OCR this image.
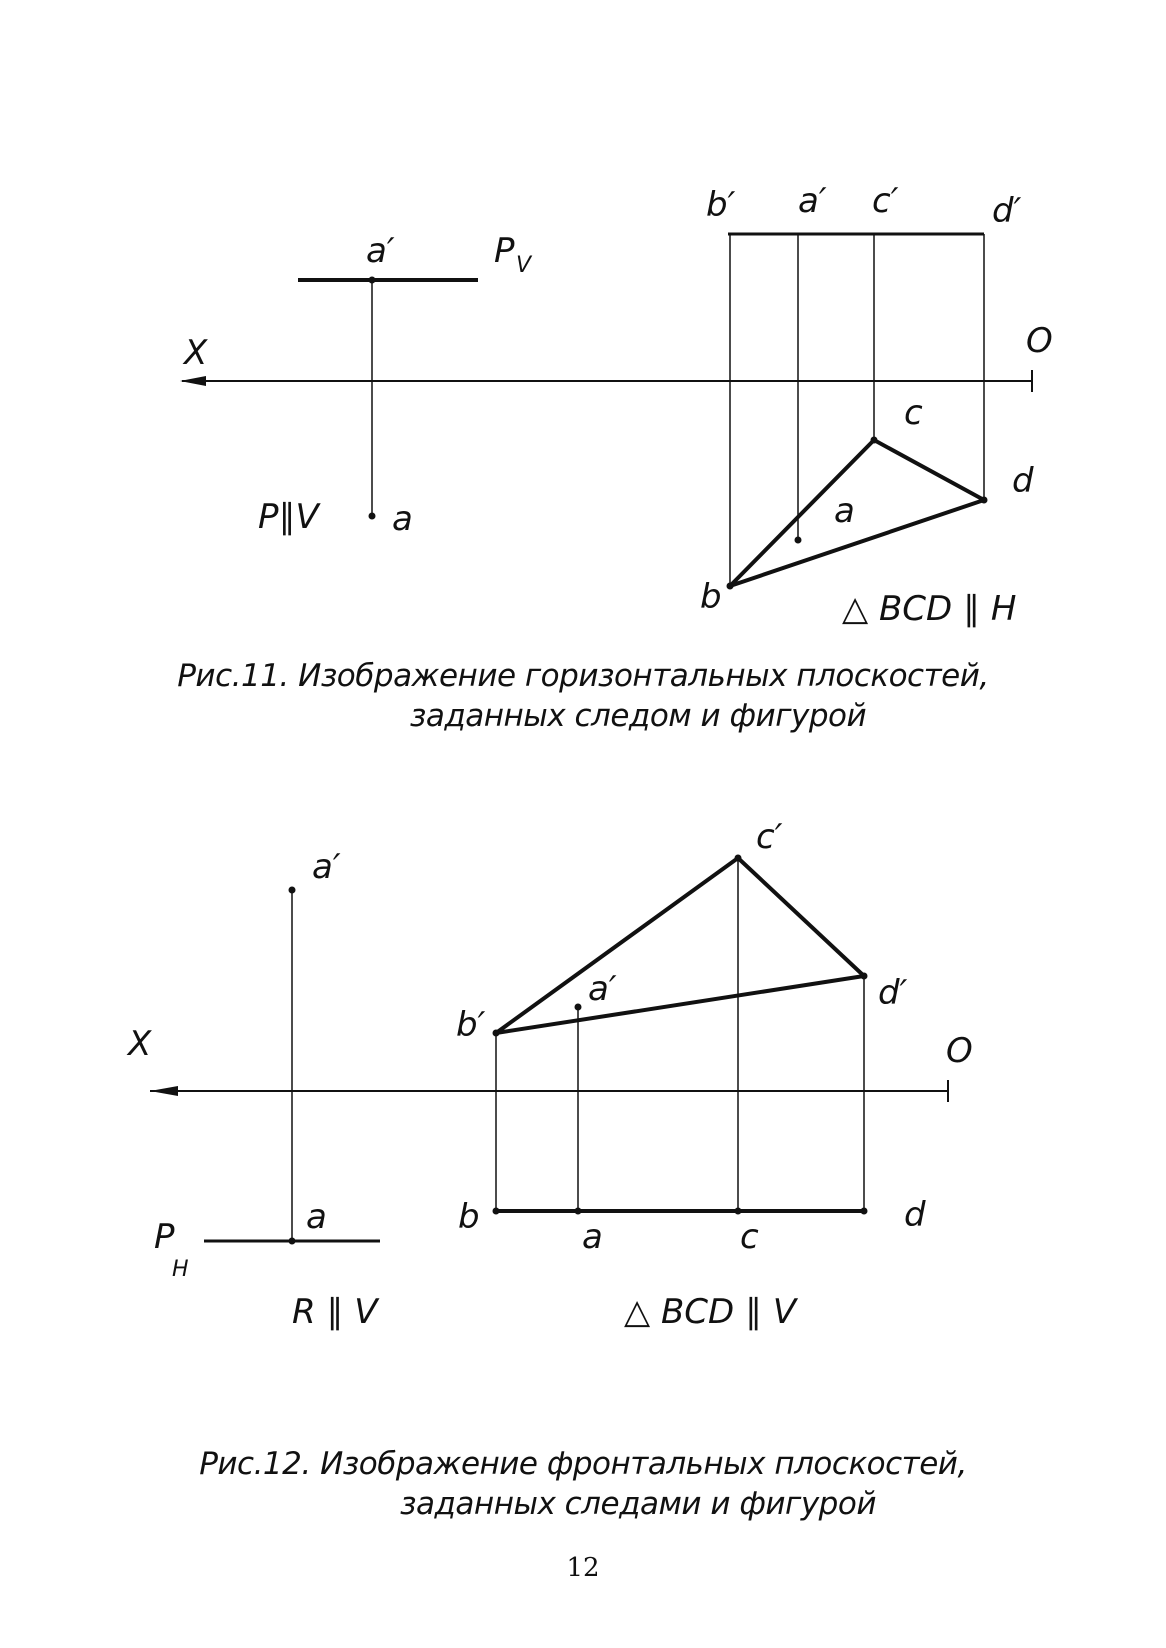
X	O
a′	P V
P∥V a
b′ a′ c′	d′
c
d
a
b	△ BCD ∥ H
Рис.11. Изображение горизонтальных плоскостей,
заданных следом и фигурой
X	O
a′
a
P
H
R ∥ V
c′
d′
a′
b′
b	a	c
d
△ BCD ∥ V
Рис.12. Изображение фронтальных плоскостей,
заданных следами и фигурой
12
